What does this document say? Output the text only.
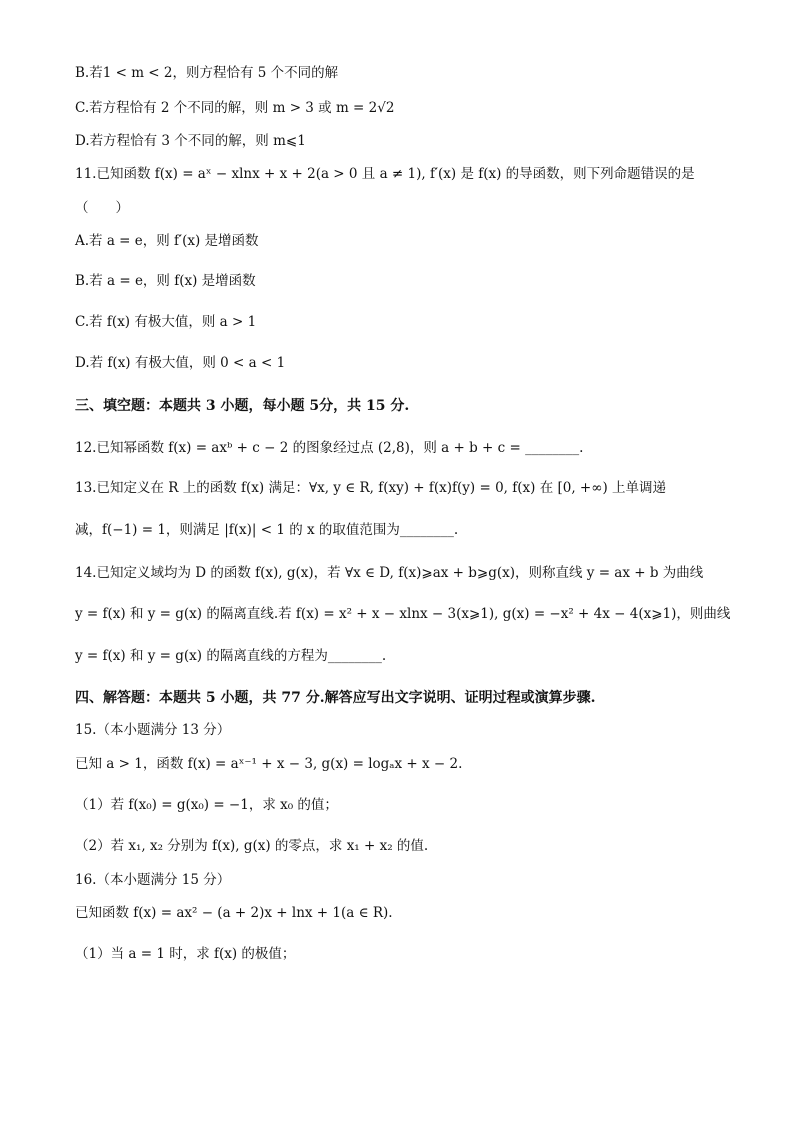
B.若1 < m < 2，则方程恰有 5 个不同的解
C.若方程恰有 2 个不同的解，则 m > 3 或 m = 2√2
D.若方程恰有 3 个不同的解，则 m⩽1
11.已知函数 f(x) = aˣ − xlnx + x + 2(a > 0 且 a ≠ 1), f′(x) 是 f(x) 的导函数，则下列命题错误的是
（　　）
A.若 a = e，则 f′(x) 是增函数
B.若 a = e，则 f(x) 是增函数
C.若 f(x) 有极大值，则 a > 1
D.若 f(x) 有极大值，则 0 < a < 1
三、填空题：本题共 3 小题，每小题 5分，共 15 分.
12.已知幂函数 f(x) = axᵇ + c − 2 的图象经过点 (2,8)，则 a + b + c = ________.
13.已知定义在 R 上的函数 f(x) 满足：∀x, y ∈ R, f(xy) + f(x)f(y) = 0, f(x) 在 [0, +∞) 上单调递
减，f(−1) = 1，则满足 |f(x)| < 1 的 x 的取值范围为________.
14.已知定义域均为 D 的函数 f(x), g(x)，若 ∀x ∈ D, f(x)⩾ax + b⩾g(x)，则称直线 y = ax + b 为曲线
y = f(x) 和 y = g(x) 的隔离直线.若 f(x) = x² + x − xlnx − 3(x⩾1), g(x) = −x² + 4x − 4(x⩾1)，则曲线
y = f(x) 和 y = g(x) 的隔离直线的方程为________.
四、解答题：本题共 5 小题，共 77 分.解答应写出文字说明、证明过程或演算步骤.
15.（本小题满分 13 分）
已知 a > 1，函数 f(x) = aˣ⁻¹ + x − 3, g(x) = logₐx + x − 2.
（1）若 f(x₀) = g(x₀) = −1，求 x₀ 的值；
（2）若 x₁, x₂ 分别为 f(x), g(x) 的零点，求 x₁ + x₂ 的值.
16.（本小题满分 15 分）
已知函数 f(x) = ax² − (a + 2)x + lnx + 1(a ∈ R).
（1）当 a = 1 时，求 f(x) 的极值；
